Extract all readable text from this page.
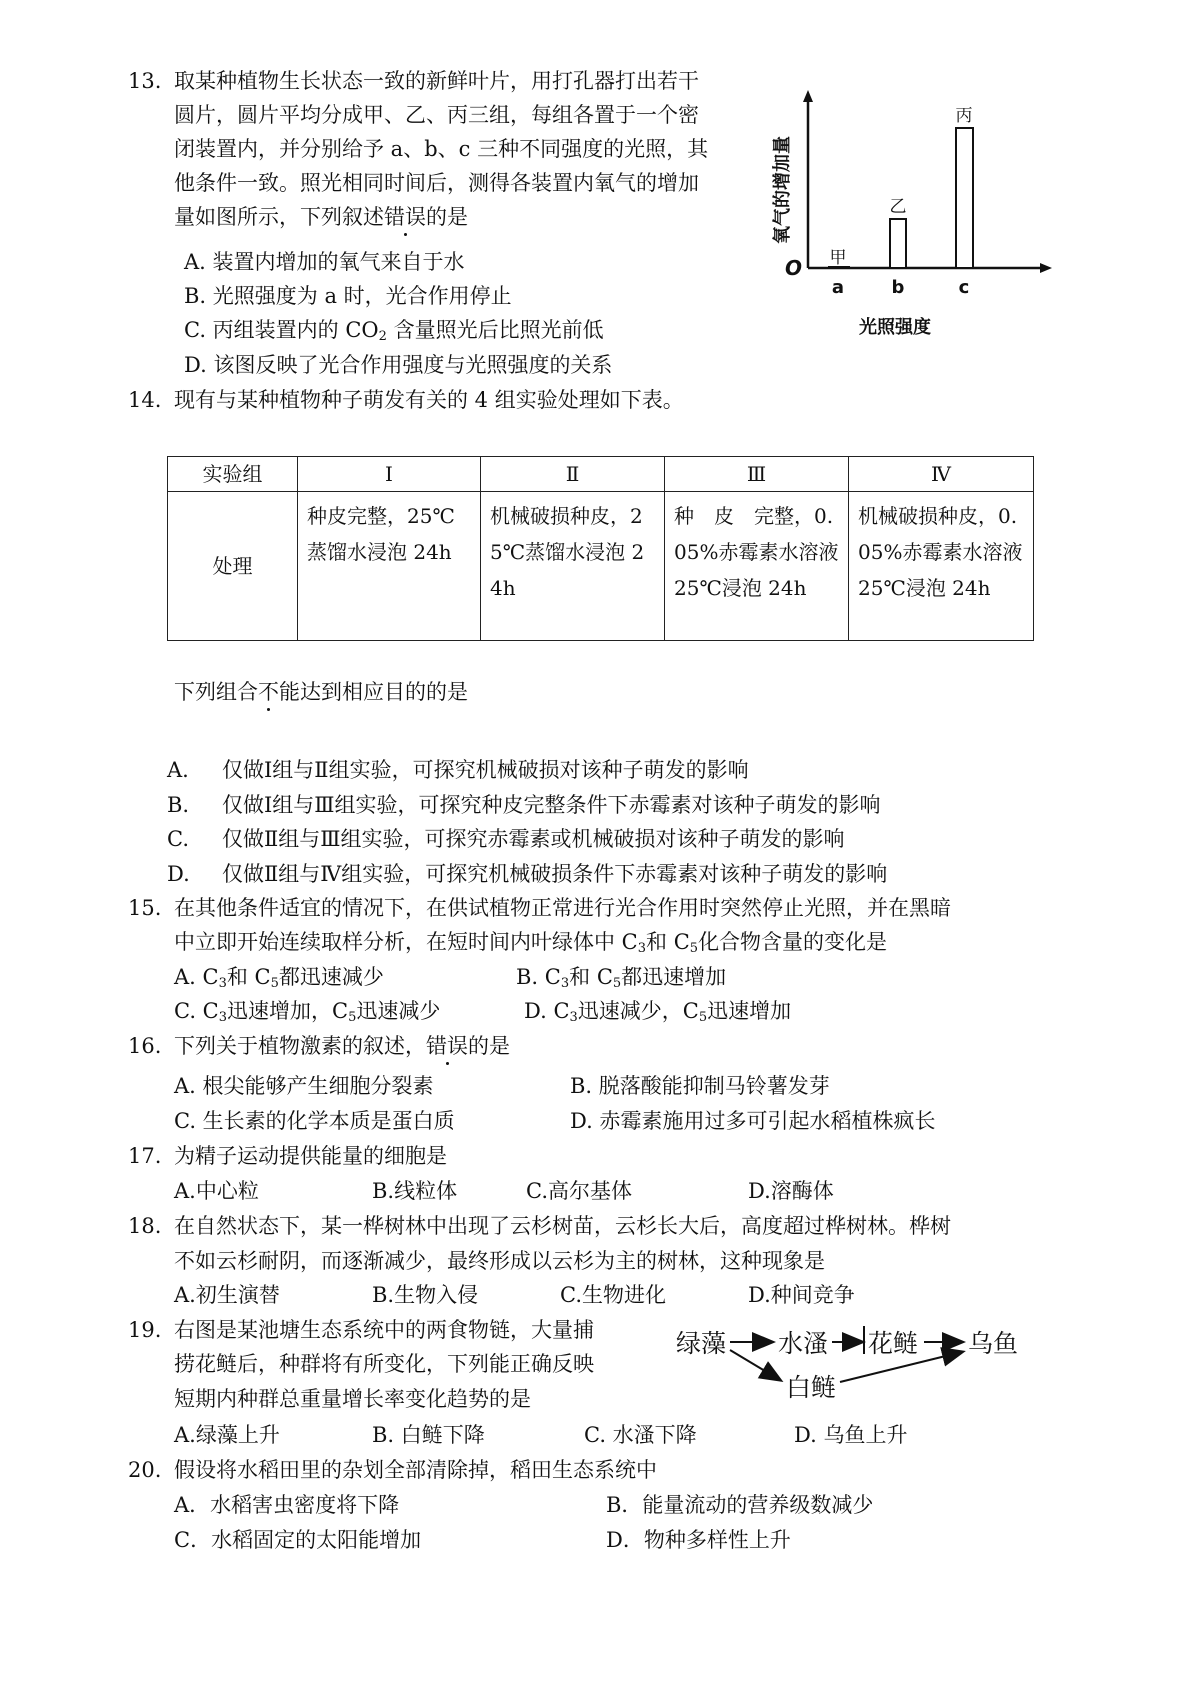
13. 取某种植物生长状态一致的新鲜叶片，用打孔器打出若干
圆片，圆片平均分成甲、乙、丙三组，每组各置于一个密
闭装置内，并分别给予 a、b、c 三种不同强度的光照，其
他条件一致。照光相同时间后，测得各装置内氧气的增加
量如图所示，下列叙述错误的是
A. 装置内增加的氧气来自于水
B. 光照强度为 a 时，光合作用停止
C. 丙组装置内的 $CO_2$ 含量照光后比照光前低
D. 该图反映了光合作用强度与光照强度的关系
氧气的增加量
O 甲
乙
丙
a	b	c
光照强度
14. 现有与某种植物种子萌发有关的 4 组实验处理如下表。
实验组	Ⅰ	Ⅱ	Ⅲ	Ⅳ
处理	种皮完整，25℃蒸馏水浸泡 24h	机械破损种皮，25℃蒸馏水浸泡 24h	种　皮　完整，0.05%赤霉素水溶液 25℃浸泡 24h	机械破损种皮，0.05%赤霉素水溶液 25℃浸泡 24h
下列组合不能达到相应目的的是
A. 仅做Ⅰ组与Ⅱ组实验，可探究机械破损对该种子萌发的影响
B. 仅做Ⅰ组与Ⅲ组实验，可探究种皮完整条件下赤霉素对该种子萌发的影响
C. 仅做Ⅱ组与Ⅲ组实验，可探究赤霉素或机械破损对该种子萌发的影响
D. 仅做Ⅱ组与Ⅳ组实验，可探究机械破损条件下赤霉素对该种子萌发的影响
15. 在其他条件适宜的情况下，在供试植物正常进行光合作用时突然停止光照，并在黑暗
中立即开始连续取样分析，在短时间内叶绿体中 $C_3$和 $C_5$化合物含量的变化是
A. $C_3$和 $C_5$都迅速减少	B. $C_3$和 $C_5$都迅速增加
C. $C_3$迅速增加，$C_5$迅速减少	D. $C_3$迅速减少，$C_5$迅速增加
16. 下列关于植物激素的叙述，错误的是
A. 根尖能够产生细胞分裂素	B. 脱落酸能抑制马铃薯发芽
C. 生长素的化学本质是蛋白质	D. 赤霉素施用过多可引起水稻植株疯长
17. 为精子运动提供能量的细胞是
A.中心粒	B.线粒体	C.高尔基体	D.溶酶体
18. 在自然状态下，某一桦树林中出现了云杉树苗，云杉长大后，高度超过桦树林。桦树
不如云杉耐阴，而逐渐减少，最终形成以云杉为主的树林，这种现象是
A.初生演替	B.生物入侵	C.生物进化	D.种间竞争
19. 右图是某池塘生态系统中的两食物链，大量捕
捞花鲢后，种群将有所变化，下列能正确反映
短期内种群总重量增长率变化趋势的是
A.绿藻上升	B. 白鲢下降	C. 水溞下降	D. 乌鱼上升
绿藻 水溞 花鲢 乌鱼
白鲢
20. 假设将水稻田里的杂划全部清除掉，稻田生态系统中
A．水稻害虫密度将下降	B．能量流动的营养级数减少
C．水稻固定的太阳能增加	D．物种多样性上升
